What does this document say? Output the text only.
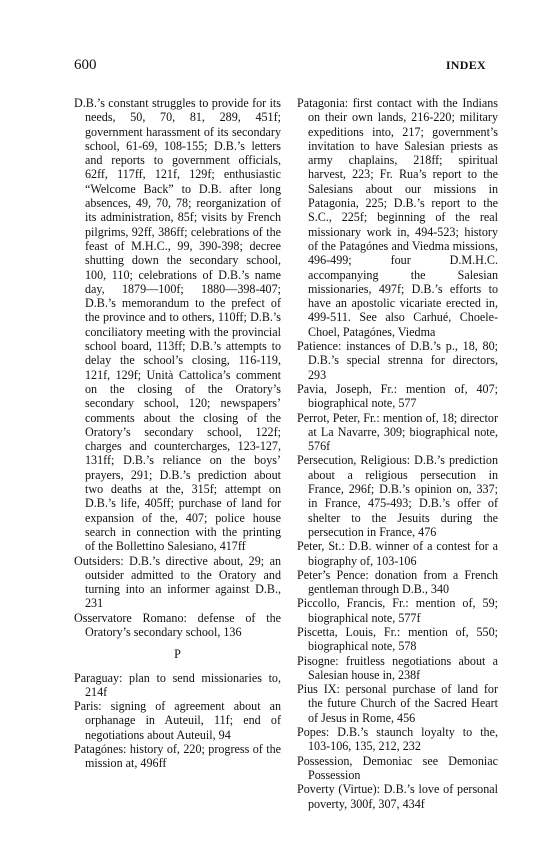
600	INDEX

D.B.’s constant struggles to provide for its needs, 50, 70, 81, 289, 451f; government harassment of its secondary school, 61-69, 108-155; D.B.’s letters and reports to government officials, 62ff, 117ff, 121f, 129f; enthusiastic “Welcome Back” to D.B. after long absences, 49, 70, 78; reorganization of its administration, 85f; visits by French pilgrims, 92ff, 386ff; celebrations of the feast of M.H.C., 99, 390-398; decree shutting down the secondary school, 100, 110; celebrations of D.B.’s name day, 1879—100f; 1880—398-407; D.B.’s memorandum to the prefect of the province and to others, 110ff; D.B.’s conciliatory meeting with the provincial school board, 113ff; D.B.’s attempts to delay the school’s closing, 116-119, 121f, 129f; Unità Cattolica’s comment on the closing of the Oratory’s secondary school, 120; newspapers’ comments about the closing of the Oratory’s secondary school, 122f; charges and countercharges, 123-127, 131ff; D.B.’s reliance on the boys’ prayers, 291; D.B.’s prediction about two deaths at the, 315f; attempt on D.B.’s life, 405ff; purchase of land for expansion of the, 407; police house search in connection with the printing of the Bollettino Salesiano, 417ff

Outsiders: D.B.’s directive about, 29; an outsider admitted to the Oratory and turning into an informer against D.B., 231

Osservatore Romano: defense of the Oratory’s secondary school, 136

P

Paraguay: plan to send missionaries to, 214f

Paris: signing of agreement about an orphanage in Auteuil, 11f; end of negotiations about Auteuil, 94

Patagónes: history of, 220; progress of the mission at, 496ff

Patagonia: first contact with the Indians on their own lands, 216-220; military expeditions into, 217; government’s invitation to have Salesian priests as army chaplains, 218ff; spiritual harvest, 223; Fr. Rua’s report to the Salesians about our missions in Patagonia, 225; D.B.’s report to the S.C., 225f; beginning of the real missionary work in, 494-523; history of the Patagónes and Viedma missions, 496-499; four D.M.H.C. accompanying the Salesian missionaries, 497f; D.B.’s efforts to have an apostolic vicariate erected in, 499-511. See also Carhué, Choele-Choel, Patagónes, Viedma

Patience: instances of D.B.’s p., 18, 80; D.B.’s special strenna for directors, 293

Pavia, Joseph, Fr.: mention of, 407; biographical note, 577

Perrot, Peter, Fr.: mention of, 18; director at La Navarre, 309; biographical note, 576f

Persecution, Religious: D.B.’s prediction about a religious persecution in France, 296f; D.B.’s opinion on, 337; in France, 475-493; D.B.’s offer of shelter to the Jesuits during the persecution in France, 476

Peter, St.: D.B. winner of a contest for a biography of, 103-106

Peter’s Pence: donation from a French gentleman through D.B., 340

Piccollo, Francis, Fr.: mention of, 59; biographical note, 577f

Piscetta, Louis, Fr.: mention of, 550; biographical note, 578

Pisogne: fruitless negotiations about a Salesian house in, 238f

Pius IX: personal purchase of land for the future Church of the Sacred Heart of Jesus in Rome, 456

Popes: D.B.’s staunch loyalty to the, 103-106, 135, 212, 232

Possession, Demoniac see Demoniac Possession

Poverty (Virtue): D.B.’s love of personal poverty, 300f, 307, 434f
